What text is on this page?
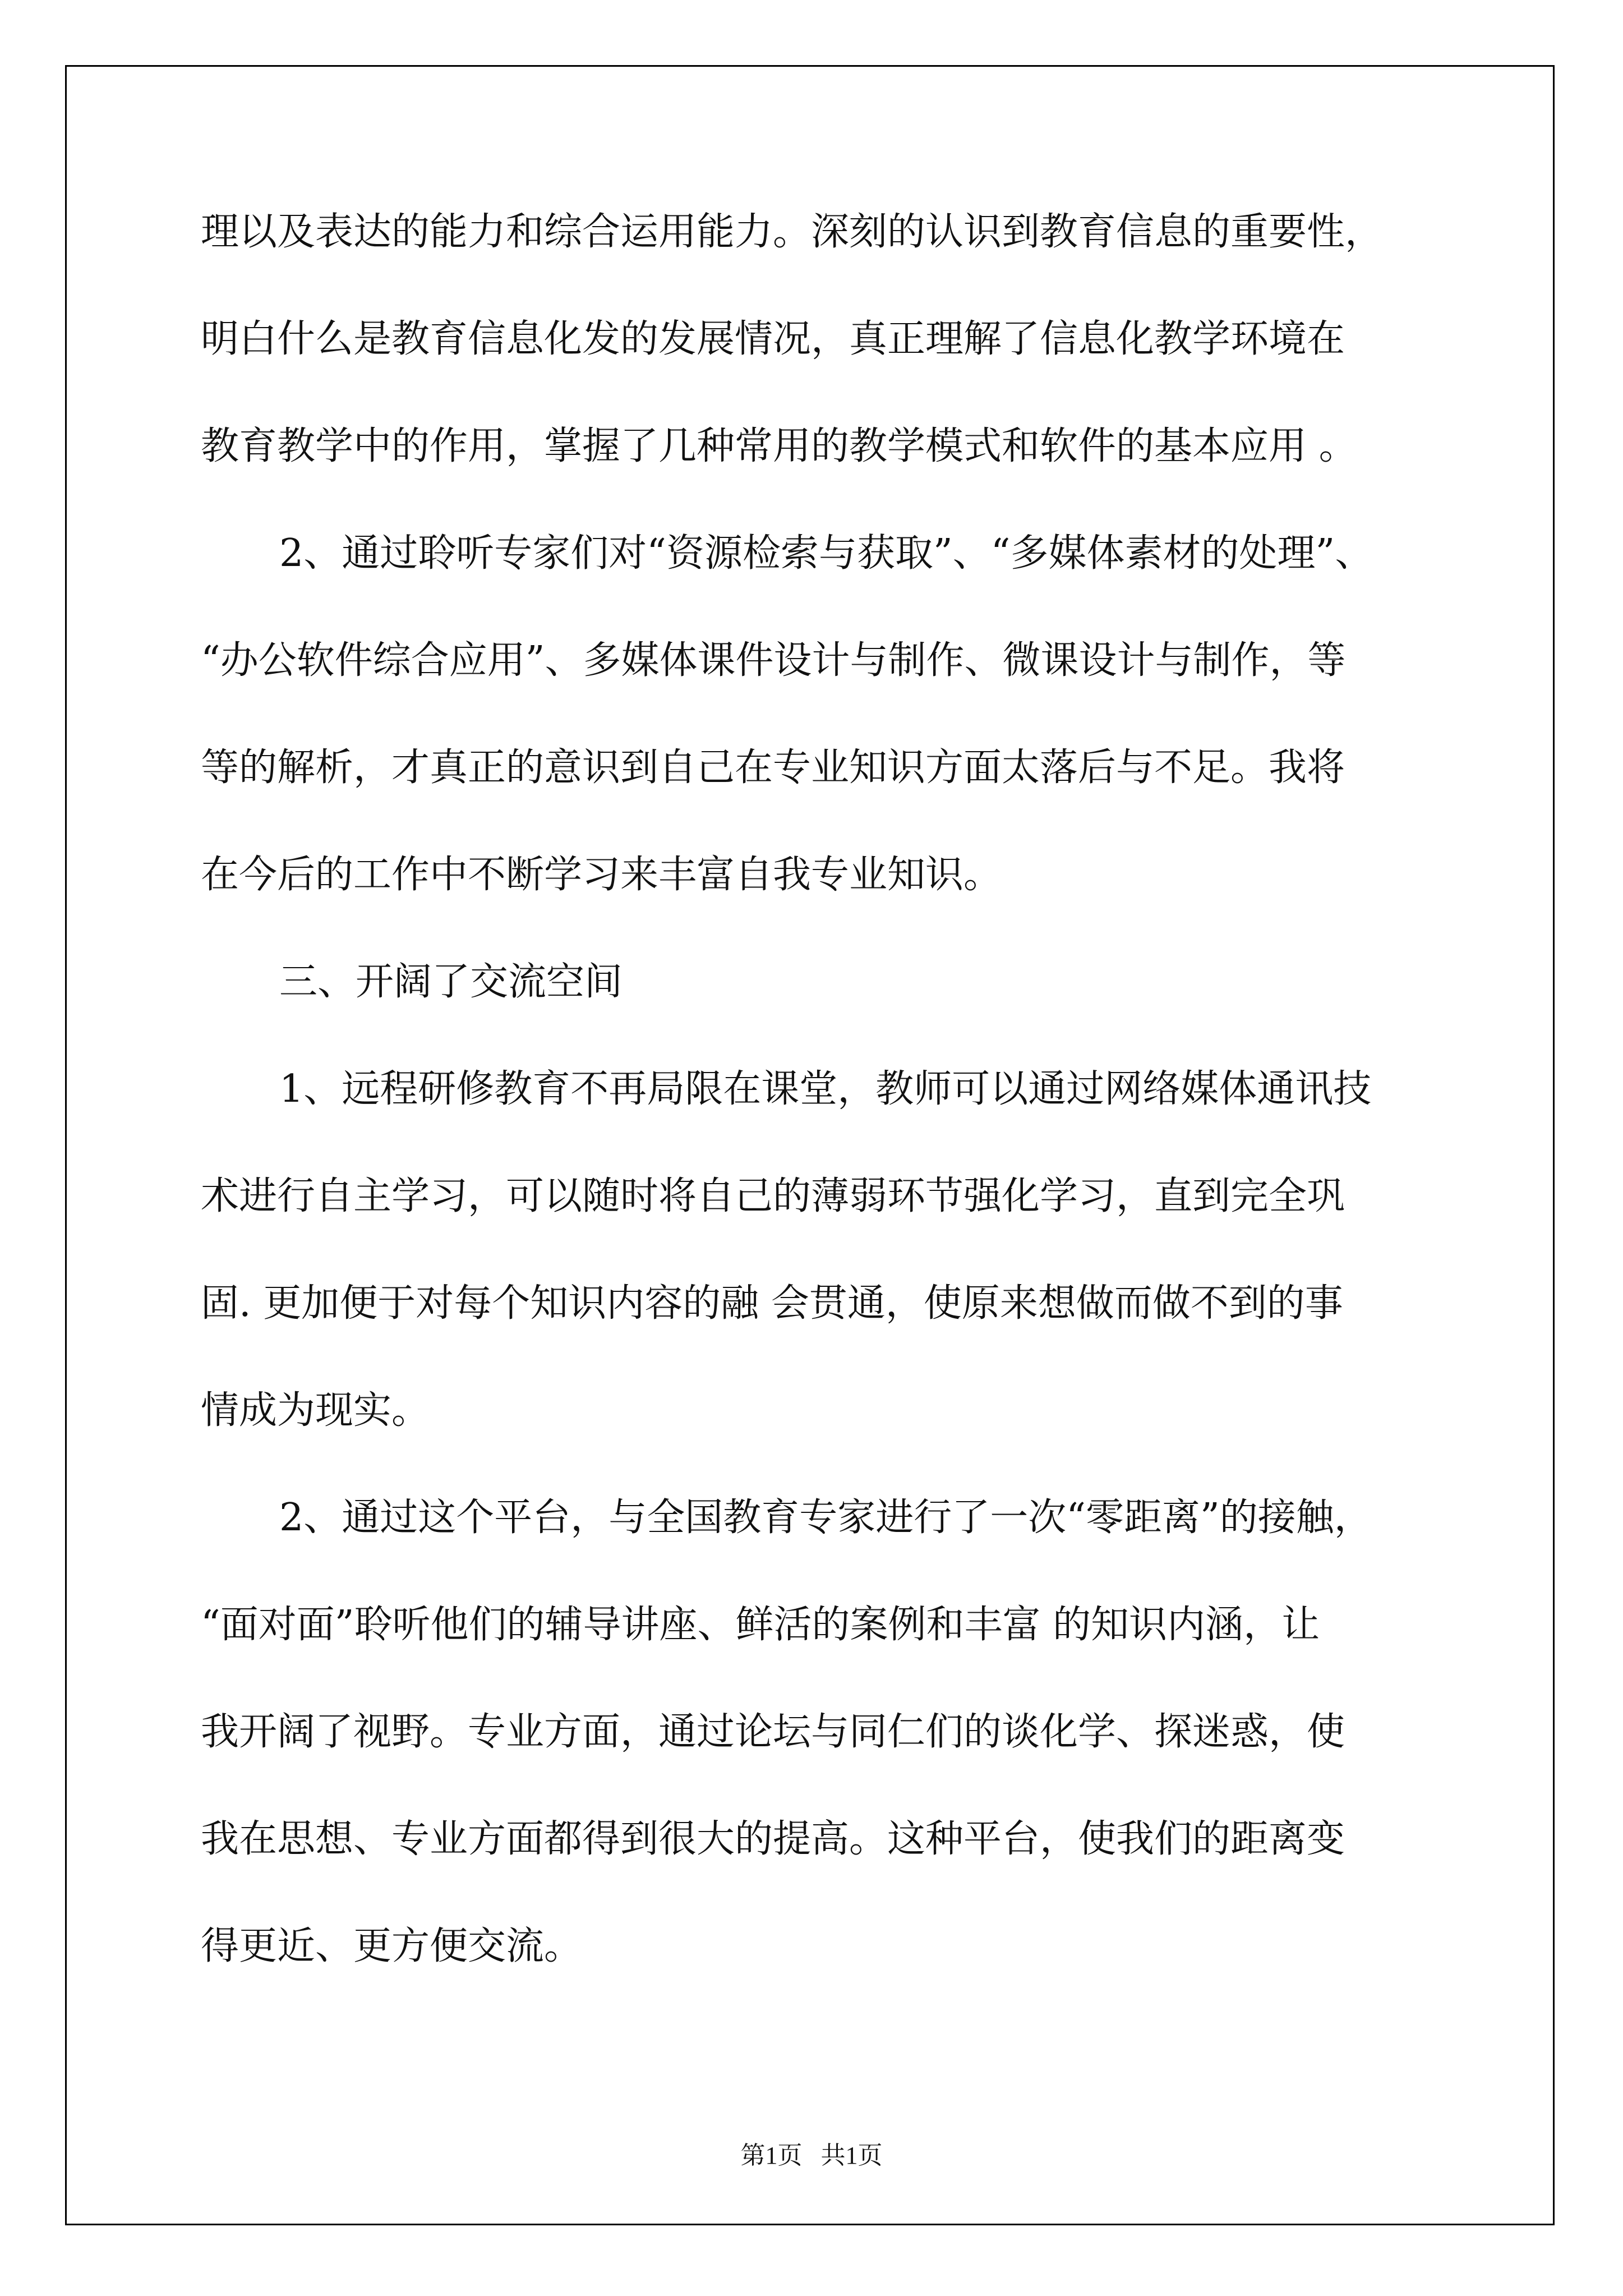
理以及表达的能力和综合运用能力。深刻的认识到教育信息的重要性，
明白什么是教育信息化发的发展情况，真正理解了信息化教学环境在
教育教学中的作用，掌握了几种常用的教学模式和软件的基本应用 。
2、通过聆听专家们对“资源检索与获取”、“多媒体素材的处理”、
“办公软件综合应用”、多媒体课件设计与制作、微课设计与制作，等
等的解析，才真正的意识到自己在专业知识方面太落后与不足。我将
在今后的工作中不断学习来丰富自我专业知识。
三、开阔了交流空间
1、远程研修教育不再局限在课堂，教师可以通过网络媒体通讯技
术进行自主学习，可以随时将自己的薄弱环节强化学习，直到完全巩
固. 更加便于对每个知识内容的融 会贯通，使原来想做而做不到的事
情成为现实。
2、通过这个平台，与全国教育专家进行了一次“零距离”的接触，
“面对面”聆听他们的辅导讲座、鲜活的案例和丰富 的知识内涵，让
我开阔了视野。专业方面，通过论坛与同仁们的谈化学、探迷惑，使
我在思想、专业方面都得到很大的提高。这种平台，使我们的距离变
得更近、更方便交流。
第1页   共1页
